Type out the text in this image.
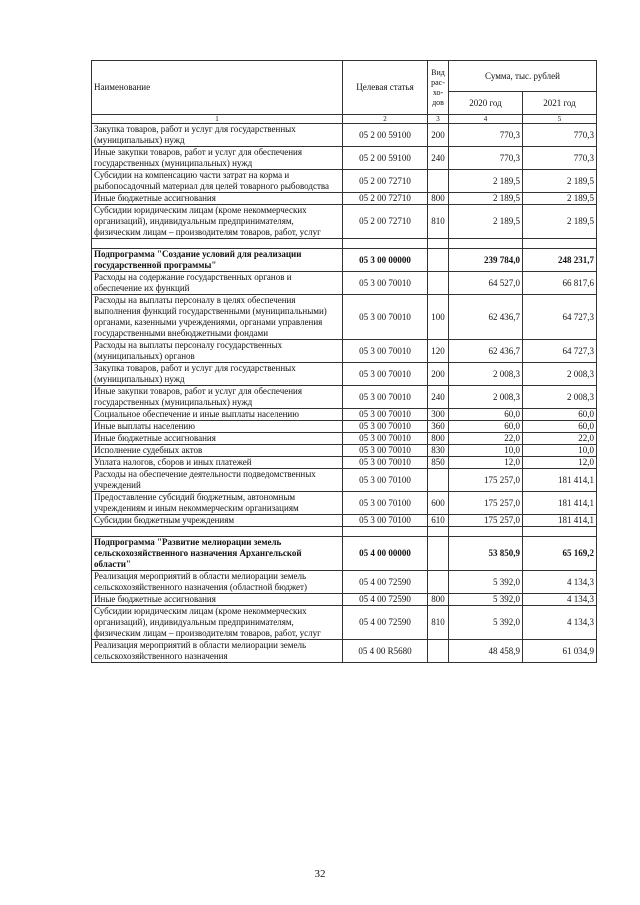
Наименование	Целевая статья	Вид рас-хо-дов	Сумма, тыс. рублей	
			2020 год	2021 год
1	2	3	4	5
Закупка товаров, работ и услуг для государственных (муниципальных) нужд	05 2 00 59100	200	770,3	770,3
Иные закупки товаров, работ и услуг для обеспечения государственных (муниципальных) нужд	05 2 00 59100	240	770,3	770,3
Субсидии на компенсацию части затрат на корма и рыбопосадочный материал для целей товарного рыбоводства	05 2 00 72710		2 189,5	2 189,5
Иные бюджетные ассигнования	05 2 00 72710	800	2 189,5	2 189,5
Субсидии юридическим лицам (кроме некоммерческих организаций), индивидуальным предпринимателям, физическим лицам – производителям товаров, работ, услуг	05 2 00 72710	810	2 189,5	2 189,5

Подпрограмма "Создание условий для реализации государственной программы"	05 3 00 00000		239 784,0	248 231,7
Расходы на содержание государственных органов и обеспечение их функций	05 3 00 70010		64 527,0	66 817,6
Расходы на выплаты персоналу в целях обеспечения выполнения функций государственными (муниципальными) органами, казенными учреждениями, органами управления государственными внебюджетными фондами	05 3 00 70010	100	62 436,7	64 727,3
Расходы на выплаты персоналу государственных (муниципальных) органов	05 3 00 70010	120	62 436,7	64 727,3
Закупка товаров, работ и услуг для государственных (муниципальных) нужд	05 3 00 70010	200	2 008,3	2 008,3
Иные закупки товаров, работ и услуг для обеспечения государственных (муниципальных) нужд	05 3 00 70010	240	2 008,3	2 008,3
Социальное обеспечение и иные выплаты населению	05 3 00 70010	300	60,0	60,0
Иные выплаты населению	05 3 00 70010	360	60,0	60,0
Иные бюджетные ассигнования	05 3 00 70010	800	22,0	22,0
Исполнение судебных актов	05 3 00 70010	830	10,0	10,0
Уплата налогов, сборов и иных платежей	05 3 00 70010	850	12,0	12,0
Расходы на обеспечение деятельности подведомственных учреждений	05 3 00 70100		175 257,0	181 414,1
Предоставление субсидий бюджетным, автономным учреждениям и иным некоммерческим организациям	05 3 00 70100	600	175 257,0	181 414,1
Субсидии бюджетным учреждениям	05 3 00 70100	610	175 257,0	181 414,1

Подпрограмма "Развитие мелиорации земель сельскохозяйственного назначения Архангельской области"	05 4 00 00000		53 850,9	65 169,2
Реализация мероприятий в области мелиорации земель сельскохозяйственного назначения (областной бюджет)	05 4 00 72590		5 392,0	4 134,3
Иные бюджетные ассигнования	05 4 00 72590	800	5 392,0	4 134,3
Субсидии юридическим лицам (кроме некоммерческих организаций), индивидуальным предпринимателям, физическим лицам – производителям товаров, работ, услуг	05 4 00 72590	810	5 392,0	4 134,3
Реализация мероприятий в области мелиорации земель сельскохозяйственного назначения	05 4 00 R5680		48 458,9	61 034,9
32
